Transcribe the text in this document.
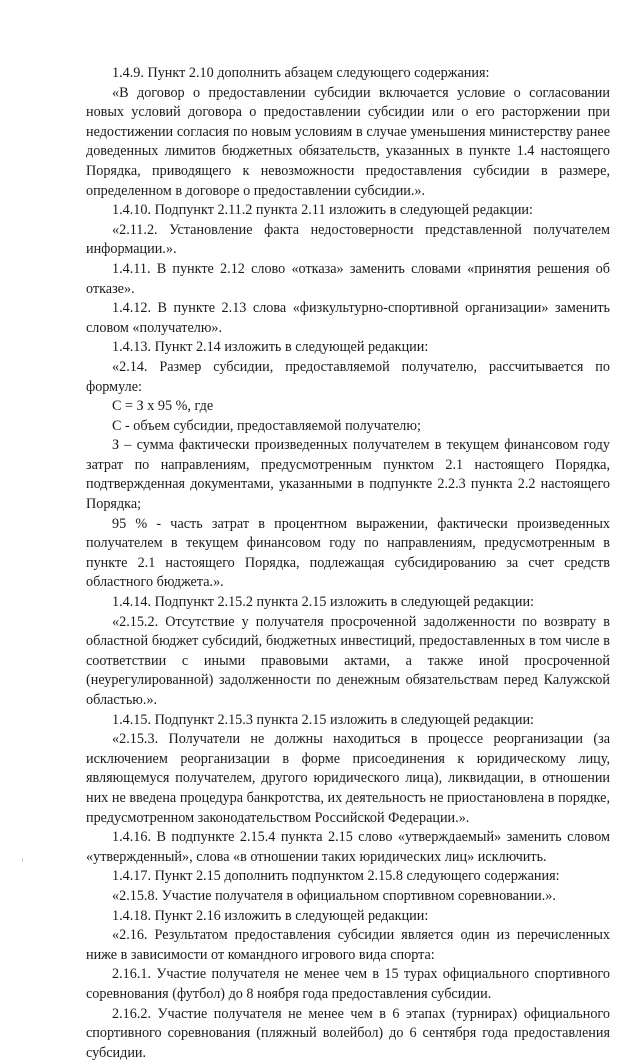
1.4.9. Пункт 2.10 дополнить абзацем следующего содержания:

«В договор о предоставлении субсидии включается условие о согласовании новых условий договора о предоставлении субсидии или о его расторжении при недостижении согласия по новым условиям в случае уменьшения министерству ранее доведенных лимитов бюджетных обязательств, указанных в пункте 1.4 настоящего Порядка, приводящего к невозможности предоставления субсидии в размере, определенном в договоре о предоставлении субсидии.».

1.4.10. Подпункт 2.11.2 пункта 2.11 изложить в следующей редакции:

«2.11.2. Установление факта недостоверности представленной получателем информации.».

1.4.11. В пункте 2.12 слово «отказа» заменить словами «принятия решения об отказе».

1.4.12. В пункте 2.13 слова «физкультурно-спортивной организации» заменить словом «получателю».

1.4.13. Пункт 2.14 изложить в следующей редакции:

«2.14. Размер субсидии, предоставляемой получателю, рассчитывается по формуле:

С = З х 95 %, где

С - объем субсидии, предоставляемой получателю;

З – сумма фактически произведенных получателем в текущем финансовом году затрат по направлениям, предусмотренным пунктом 2.1 настоящего Порядка, подтвержденная документами, указанными в подпункте 2.2.3 пункта 2.2 настоящего Порядка;

95 % - часть затрат в процентном выражении, фактически произведенных получателем в текущем финансовом году по направлениям, предусмотренным в пункте 2.1 настоящего Порядка, подлежащая субсидированию за счет средств областного бюджета.».

1.4.14. Подпункт 2.15.2 пункта 2.15 изложить в следующей редакции:

«2.15.2. Отсутствие у получателя просроченной задолженности по возврату в областной бюджет субсидий, бюджетных инвестиций, предоставленных в том числе в соответствии с иными правовыми актами, а также иной просроченной (неурегулированной) задолженности по денежным обязательствам перед Калужской областью.».

1.4.15. Подпункт 2.15.3 пункта 2.15 изложить в следующей редакции:

«2.15.3. Получатели не должны находиться в процессе реорганизации (за исключением реорганизации в форме присоединения к юридическому лицу, являющемуся получателем, другого юридического лица), ликвидации, в отношении них не введена процедура банкротства, их деятельность не приостановлена в порядке, предусмотренном законодательством Российской Федерации.».

1.4.16. В подпункте 2.15.4 пункта 2.15 слово «утверждаемый» заменить словом «утвержденный», слова «в отношении таких юридических лиц» исключить.

1.4.17. Пункт 2.15 дополнить подпунктом 2.15.8 следующего содержания:

«2.15.8. Участие получателя в официальном спортивном соревновании.».

1.4.18. Пункт 2.16 изложить в следующей редакции:

«2.16. Результатом предоставления субсидии является один из перечисленных ниже в зависимости от командного игрового вида спорта:

2.16.1. Участие получателя не менее чем в 15 турах официального спортивного соревнования (футбол) до 8 ноября года предоставления субсидии.

2.16.2. Участие получателя не менее чем в 6 этапах (турнирах) официального спортивного соревнования (пляжный волейбол) до 6 сентября года предоставления субсидии.
